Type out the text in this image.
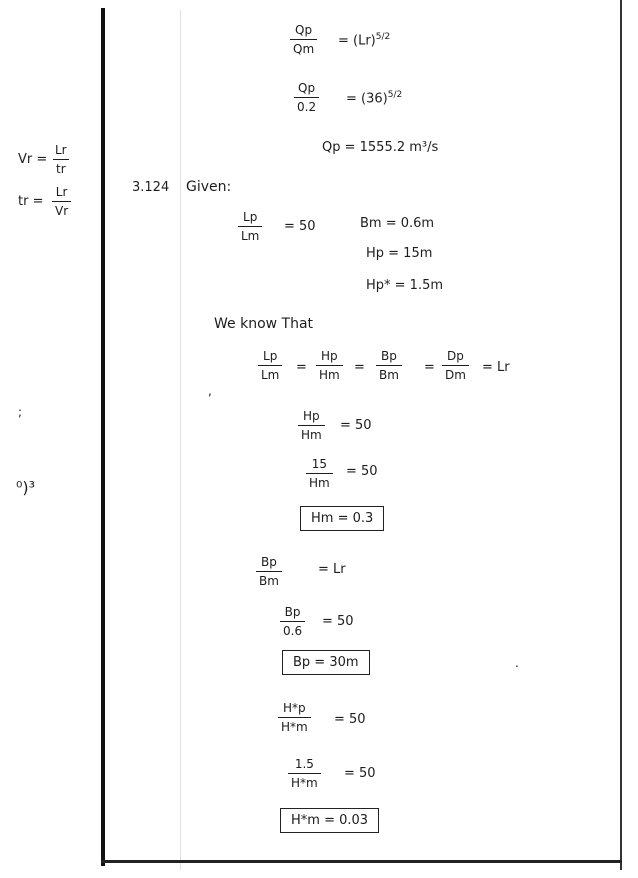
$Vr = \frac{Lr}{tr}$
tr = $\frac{Lr}{Vr}$
;
⁰)³
$\frac{Qp}{Qm} = (Lr)^{5/2}$
$\frac{Qp}{0.2} = (36)^{5/2}$
Qp = 1555.2 m³/s
3.124 Given:
$\frac{Lp}{Lm} = 50$	Bm = 0.6m
Hp = 15m
Hp* = 1.5m
We know That
$\frac{Lp}{Lm} = \frac{Hp}{Hm} = \frac{Bp}{Bm} = \frac{Dp}{Dm} = Lr$
$\frac{Hp}{Hm} = 50$
$\frac{15}{Hm} = 50$
Hm = 0.3
$\frac{Bp}{Bm}$	= Lr
$\frac{Bp}{0.6} = 50$
Bp = 30m
$\frac{H*p}{H*m} = 50$
$\frac{1.5}{H*m} = 50$
H*m = 0.03
,
.
